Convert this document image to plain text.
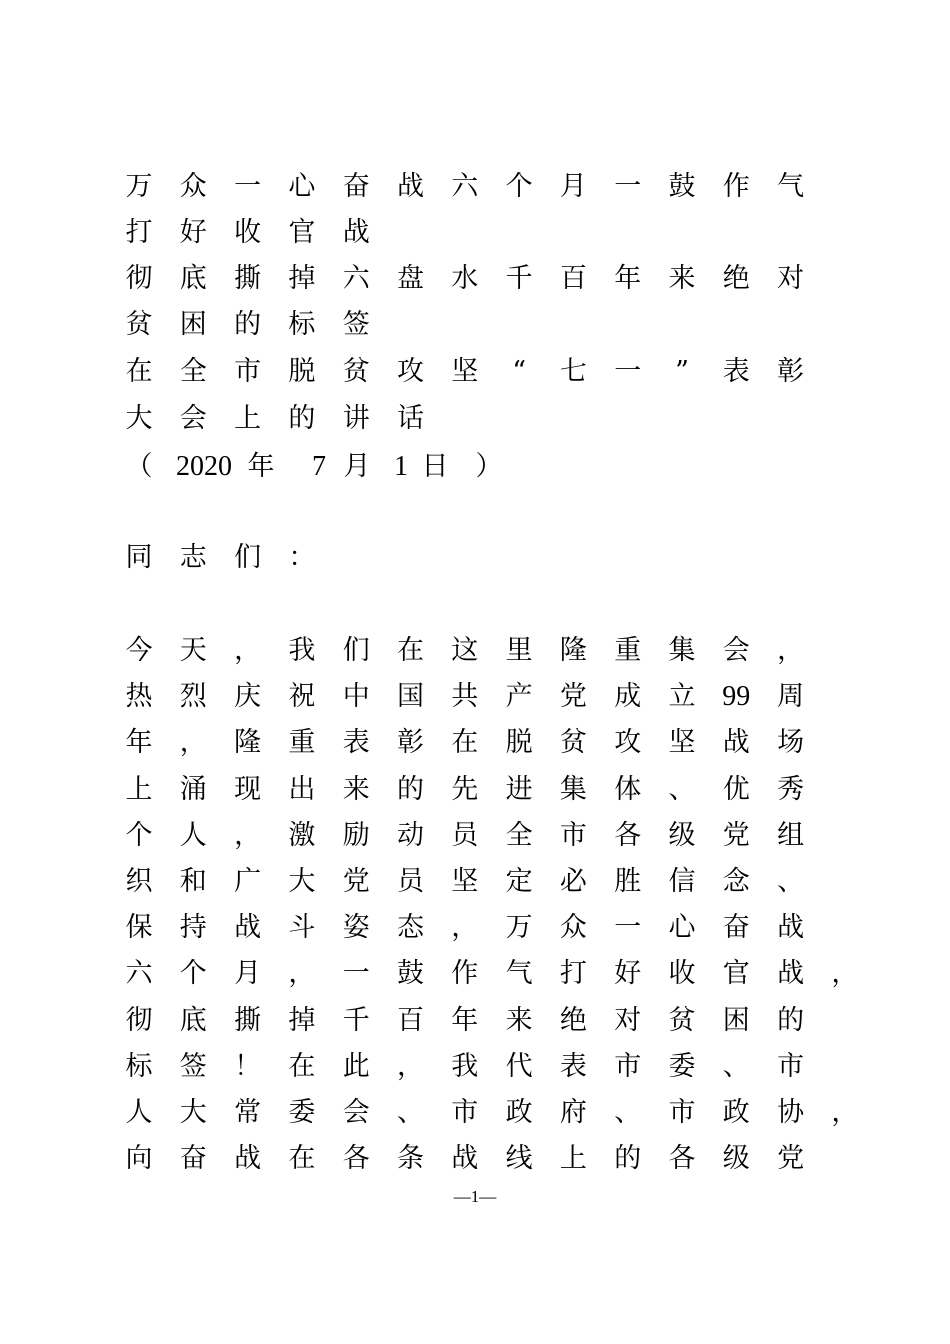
万 众 一 心 奋 战 六 个 月 一 鼓 作 气
打 好 收 官 战
彻 底 撕 掉 六 盘 水 千 百 年 来 绝 对
贫 困 的 标 签
在 全 市 脱 贫 攻 坚 “ 七 一 ” 表 彰
大 会 上 的 讲 话
（ 2020 年 7 月 1 日 ）
同 志 们 ：
今 天 ， 我 们 在 这 里 隆 重 集 会 ，
热 烈 庆 祝 中 国 共 产 党 成 立 99 周
年 ， 隆 重 表 彰 在 脱 贫 攻 坚 战 场
上 涌 现 出 来 的 先 进 集 体 、 优 秀
个 人 ， 激 励 动 员 全 市 各 级 党 组
织 和 广 大 党 员 坚 定 必 胜 信 念 、
保 持 战 斗 姿 态 ， 万 众 一 心 奋 战
六 个 月 ， 一 鼓 作 气 打 好 收 官 战 ，
彻 底 撕 掉 千 百 年 来 绝 对 贫 困 的
标 签 ！ 在 此 ， 我 代 表 市 委 、 市
人 大 常 委 会 、 市 政 府 、 市 政 协 ，
向 奋 战 在 各 条 战 线 上 的 各 级 党
—1—
